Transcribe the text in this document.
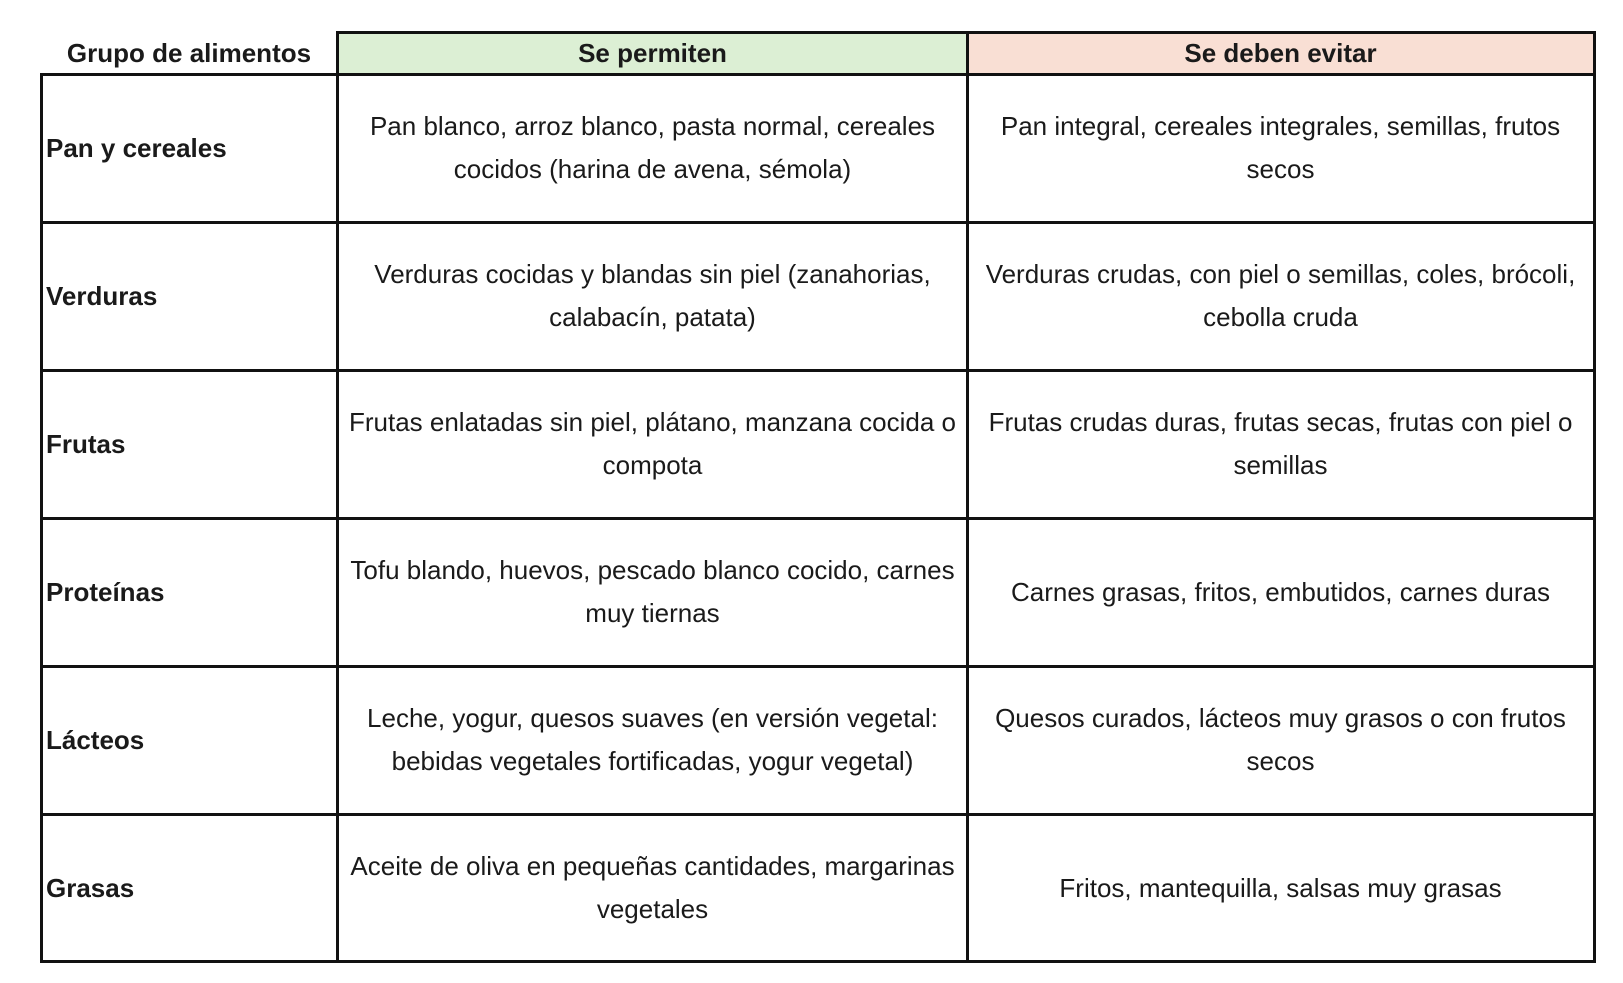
Grupo de alimentos	Se permiten	Se deben evitar
Pan y cereales
Pan blanco, arroz blanco, pasta normal, cereales cocidos (harina de avena, sémola)
Pan integral, cereales integrales, semillas, frutos secos
Verduras
Verduras cocidas y blandas sin piel (zanahorias, calabacín, patata)
Verduras crudas, con piel o semillas, coles, brócoli, cebolla cruda
Frutas
Frutas enlatadas sin piel, plátano, manzana cocida o compota
Frutas crudas duras, frutas secas, frutas con piel o semillas
Proteínas
Tofu blando, huevos, pescado blanco cocido, carnes muy tiernas
Carnes grasas, fritos, embutidos, carnes duras
Lácteos
Leche, yogur, quesos suaves (en versión vegetal: bebidas vegetales fortificadas, yogur vegetal)
Quesos curados, lácteos muy grasos o con frutos secos
Grasas
Aceite de oliva en pequeñas cantidades, margarinas vegetales
Fritos, mantequilla, salsas muy grasas
